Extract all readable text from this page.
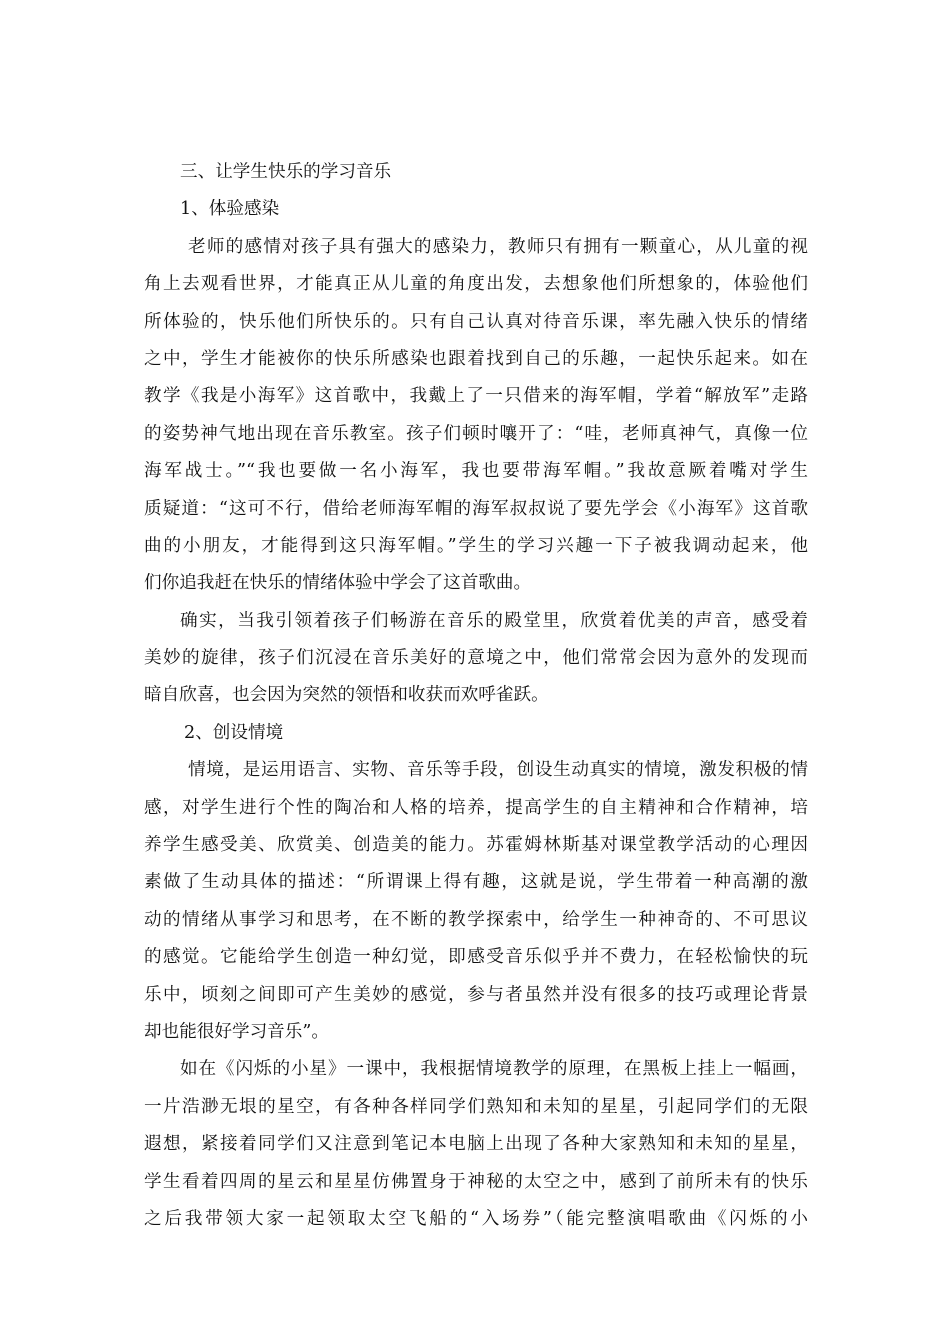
三、让学生快乐的学习音乐
1、体验感染
老师的感情对孩子具有强大的感染力，教师只有拥有一颗童心，从儿童的视
角上去观看世界，才能真正从儿童的角度出发，去想象他们所想象的，体验他们
所体验的，快乐他们所快乐的。只有自己认真对待音乐课，率先融入快乐的情绪
之中，学生才能被你的快乐所感染也跟着找到自己的乐趣，一起快乐起来。如在
教学《我是小海军》这首歌中，我戴上了一只借来的海军帽，学着“解放军”走路
的姿势神气地出现在音乐教室。孩子们顿时嚷开了：“哇，老师真神气，真像一位
海军战士。”“我也要做一名小海军，我也要带海军帽。”我故意厥着嘴对学生
质疑道：“这可不行，借给老师海军帽的海军叔叔说了要先学会《小海军》这首歌
曲的小朋友，才能得到这只海军帽。”学生的学习兴趣一下子被我调动起来，他
们你追我赶在快乐的情绪体验中学会了这首歌曲。
确实，当我引领着孩子们畅游在音乐的殿堂里，欣赏着优美的声音，感受着
美妙的旋律，孩子们沉浸在音乐美好的意境之中，他们常常会因为意外的发现而
暗自欣喜，也会因为突然的领悟和收获而欢呼雀跃。
2、创设情境
情境，是运用语言、实物、音乐等手段，创设生动真实的情境，激发积极的情
感，对学生进行个性的陶冶和人格的培养，提高学生的自主精神和合作精神，培
养学生感受美、欣赏美、创造美的能力。苏霍姆林斯基对课堂教学活动的心理因
素做了生动具体的描述：“所谓课上得有趣，这就是说，学生带着一种高潮的激
动的情绪从事学习和思考，在不断的教学探索中，给学生一种神奇的、不可思议
的感觉。它能给学生创造一种幻觉，即感受音乐似乎并不费力，在轻松愉快的玩
乐中，顷刻之间即可产生美妙的感觉，参与者虽然并没有很多的技巧或理论背景
却也能很好学习音乐”。
如在《闪烁的小星》一课中，我根据情境教学的原理，在黑板上挂上一幅画，
一片浩渺无垠的星空，有各种各样同学们熟知和未知的星星，引起同学们的无限
遐想，紧接着同学们又注意到笔记本电脑上出现了各种大家熟知和未知的星星，
学生看着四周的星云和星星仿佛置身于神秘的太空之中，感到了前所未有的快乐
之后我带领大家一起领取太空飞船的“入场券”（能完整演唱歌曲《闪烁的小
